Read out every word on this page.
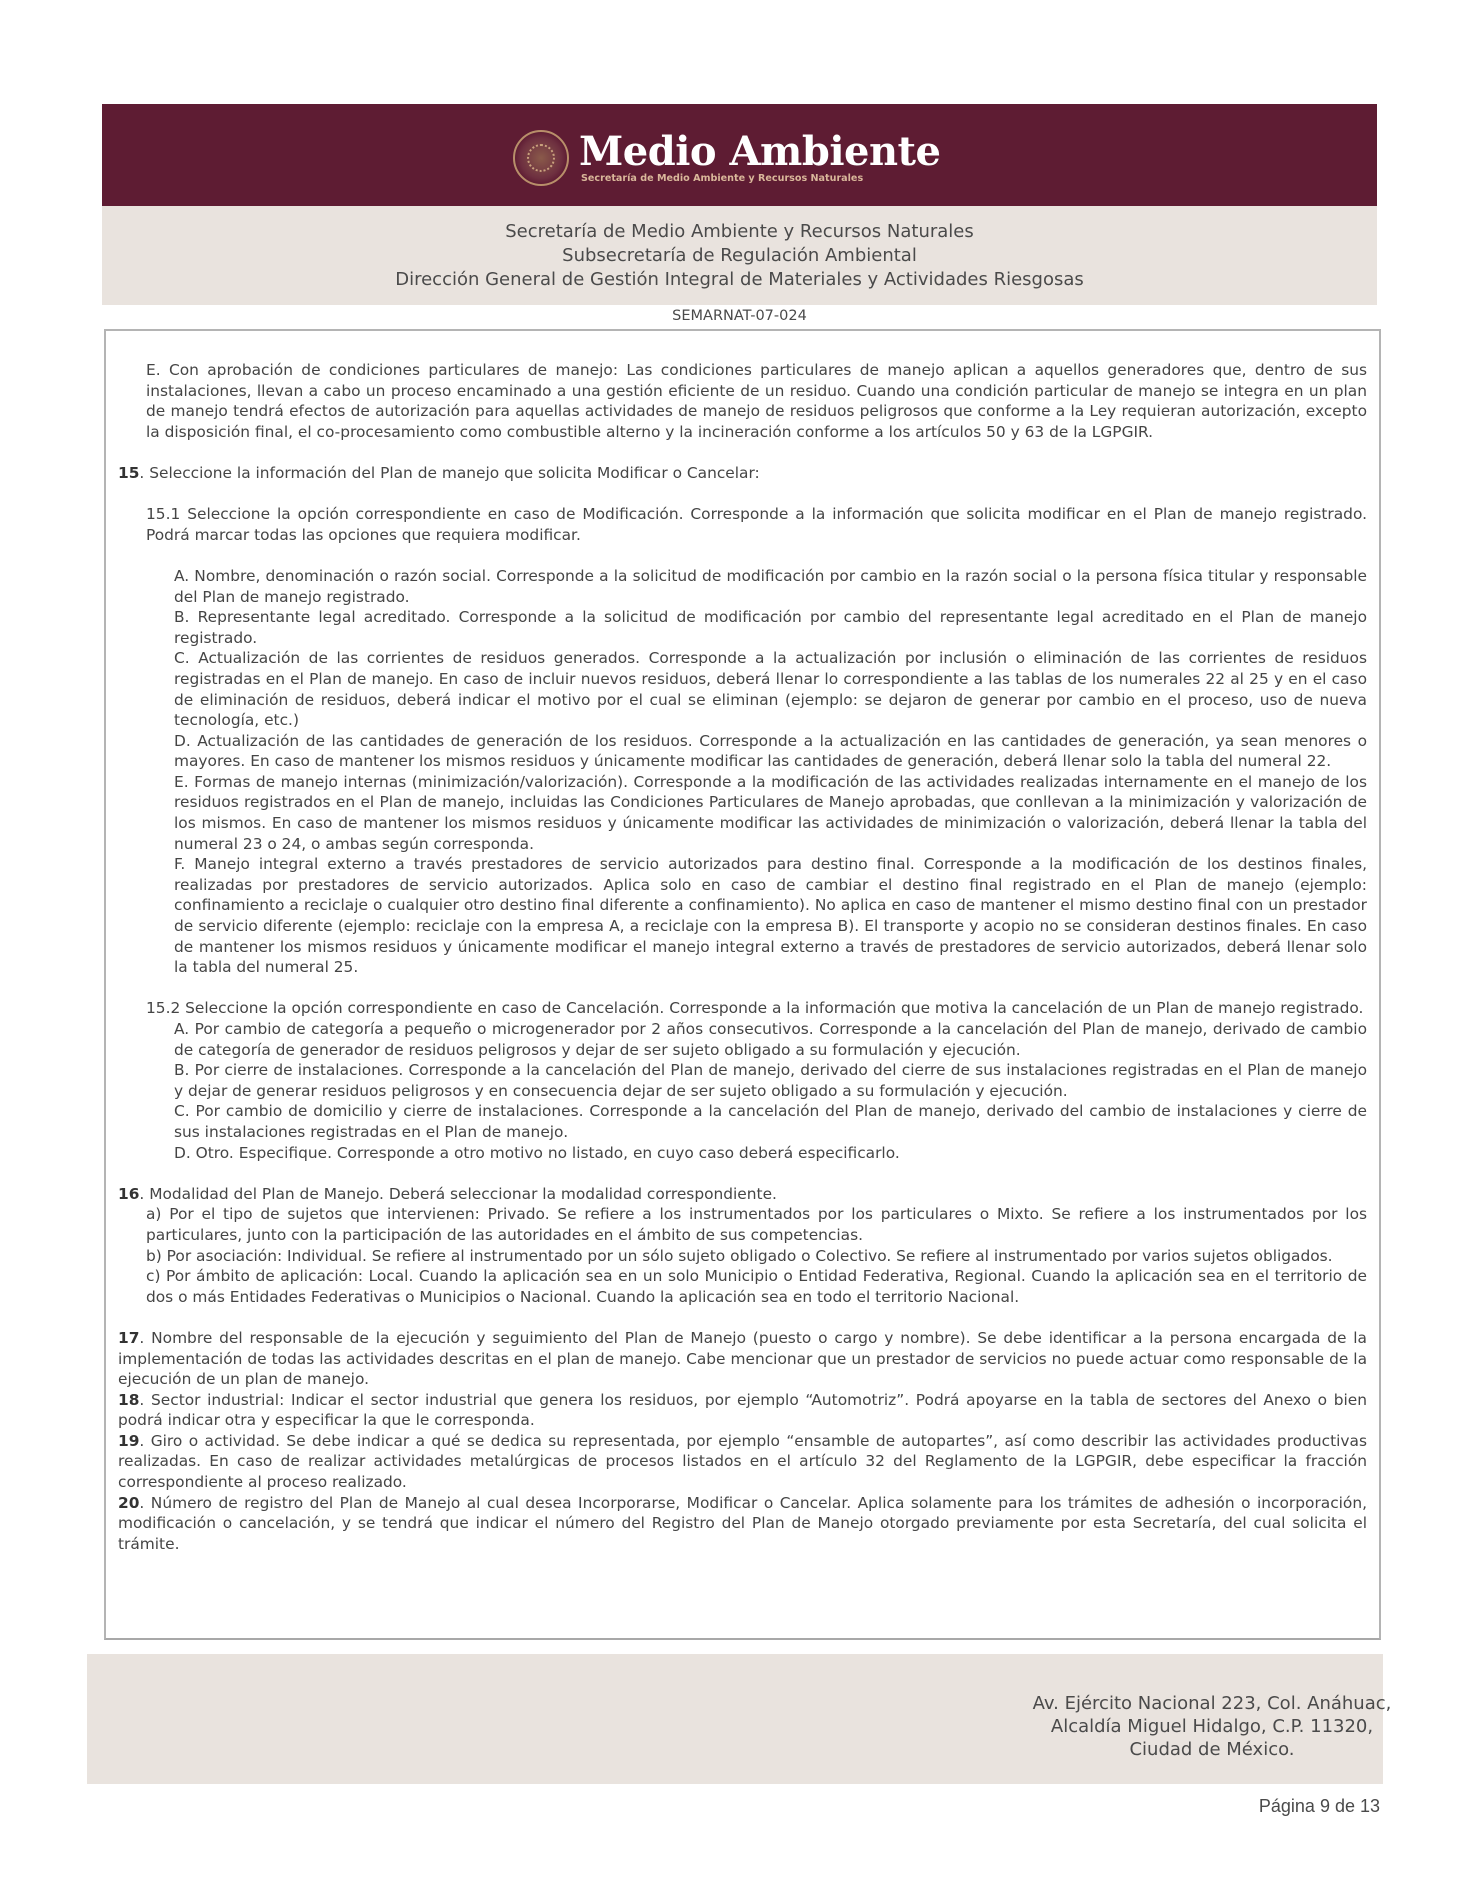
Medio Ambiente
Secretaría de Medio Ambiente y Recursos Naturales
Secretaría de Medio Ambiente y Recursos Naturales
Subsecretaría de Regulación Ambiental
Dirección General de Gestión Integral de Materiales y Actividades Riesgosas
SEMARNAT-07-024

E. Con aprobación de condiciones particulares de manejo: Las condiciones particulares de manejo aplican a aquellos generadores que, dentro de sus instalaciones, llevan a cabo un proceso encaminado a una gestión eficiente de un residuo. Cuando una condición particular de manejo se integra en un plan de manejo tendrá efectos de autorización para aquellas actividades de manejo de residuos peligrosos que conforme a la Ley requieran autorización, excepto la disposición final, el co-procesamiento como combustible alterno y la incineración conforme a los artículos 50 y 63 de la LGPGIR.

15. Seleccione la información del Plan de manejo que solicita Modificar o Cancelar:

15.1 Seleccione la opción correspondiente en caso de Modificación. Corresponde a la información que solicita modificar en el Plan de manejo registrado. Podrá marcar todas las opciones que requiera modificar.

A. Nombre, denominación o razón social. Corresponde a la solicitud de modificación por cambio en la razón social o la persona física titular y responsable del Plan de manejo registrado.

B. Representante legal acreditado. Corresponde a la solicitud de modificación por cambio del representante legal acreditado en el Plan de manejo registrado.

C. Actualización de las corrientes de residuos generados. Corresponde a la actualización por inclusión o eliminación de las corrientes de residuos registradas en el Plan de manejo. En caso de incluir nuevos residuos, deberá llenar lo correspondiente a las tablas de los numerales 22 al 25 y en el caso de eliminación de residuos, deberá indicar el motivo por el cual se eliminan (ejemplo: se dejaron de generar por cambio en el proceso, uso de nueva tecnología, etc.)

D. Actualización de las cantidades de generación de los residuos. Corresponde a la actualización en las cantidades de generación, ya sean menores o mayores. En caso de mantener los mismos residuos y únicamente modificar las cantidades de generación, deberá llenar solo la tabla del numeral 22.

E. Formas de manejo internas (minimización/valorización). Corresponde a la modificación de las actividades realizadas internamente en el manejo de los residuos registrados en el Plan de manejo, incluidas las Condiciones Particulares de Manejo aprobadas, que conllevan a la minimización y valorización de los mismos. En caso de mantener los mismos residuos y únicamente modificar las actividades de minimización o valorización, deberá llenar la tabla del numeral 23 o 24, o ambas según corresponda.

F. Manejo integral externo a través prestadores de servicio autorizados para destino final. Corresponde a la modificación de los destinos finales, realizadas por prestadores de servicio autorizados. Aplica solo en caso de cambiar el destino final registrado en el Plan de manejo (ejemplo: confinamiento a reciclaje o cualquier otro destino final diferente a confinamiento). No aplica en caso de mantener el mismo destino final con un prestador de servicio diferente (ejemplo: reciclaje con la empresa A, a reciclaje con la empresa B). El transporte y acopio no se consideran destinos finales. En caso de mantener los mismos residuos y únicamente modificar el manejo integral externo a través de prestadores de servicio autorizados, deberá llenar solo la tabla del numeral 25.

15.2 Seleccione la opción correspondiente en caso de Cancelación. Corresponde a la información que motiva la cancelación de un Plan de manejo registrado.

A. Por cambio de categoría a pequeño o microgenerador por 2 años consecutivos. Corresponde a la cancelación del Plan de manejo, derivado de cambio de categoría de generador de residuos peligrosos y dejar de ser sujeto obligado a su formulación y ejecución.

B. Por cierre de instalaciones. Corresponde a la cancelación del Plan de manejo, derivado del cierre de sus instalaciones registradas en el Plan de manejo y dejar de generar residuos peligrosos y en consecuencia dejar de ser sujeto obligado a su formulación y ejecución.

C. Por cambio de domicilio y cierre de instalaciones. Corresponde a la cancelación del Plan de manejo, derivado del cambio de instalaciones y cierre de sus instalaciones registradas en el Plan de manejo.

D. Otro. Especifique. Corresponde a otro motivo no listado, en cuyo caso deberá especificarlo.

16. Modalidad del Plan de Manejo. Deberá seleccionar la modalidad correspondiente.

a) Por el tipo de sujetos que intervienen: Privado. Se refiere a los instrumentados por los particulares o Mixto. Se refiere a los instrumentados por los particulares, junto con la participación de las autoridades en el ámbito de sus competencias.

b) Por asociación: Individual. Se refiere al instrumentado por un sólo sujeto obligado o Colectivo. Se refiere al instrumentado por varios sujetos obligados.

c) Por ámbito de aplicación: Local. Cuando la aplicación sea en un solo Municipio o Entidad Federativa, Regional. Cuando la aplicación sea en el territorio de dos o más Entidades Federativas o Municipios o Nacional. Cuando la aplicación sea en todo el territorio Nacional.

17. Nombre del responsable de la ejecución y seguimiento del Plan de Manejo (puesto o cargo y nombre). Se debe identificar a la persona encargada de la implementación de todas las actividades descritas en el plan de manejo. Cabe mencionar que un prestador de servicios no puede actuar como responsable de la ejecución de un plan de manejo.

18. Sector industrial: Indicar el sector industrial que genera los residuos, por ejemplo “Automotriz”. Podrá apoyarse en la tabla de sectores del Anexo o bien podrá indicar otra y especificar la que le corresponda.

19. Giro o actividad. Se debe indicar a qué se dedica su representada, por ejemplo “ensamble de autopartes”, así como describir las actividades productivas realizadas. En caso de realizar actividades metalúrgicas de procesos listados en el artículo 32 del Reglamento de la LGPGIR, debe especificar la fracción correspondiente al proceso realizado.

20. Número de registro del Plan de Manejo al cual desea Incorporarse, Modificar o Cancelar. Aplica solamente para los trámites de adhesión o incorporación, modificación o cancelación, y se tendrá que indicar el número del Registro del Plan de Manejo otorgado previamente por esta Secretaría, del cual solicita el trámite.

Av. Ejército Nacional 223, Col. Anáhuac,
Alcaldía Miguel Hidalgo, C.P. 11320,
Ciudad de México.
Página 9 de 13
